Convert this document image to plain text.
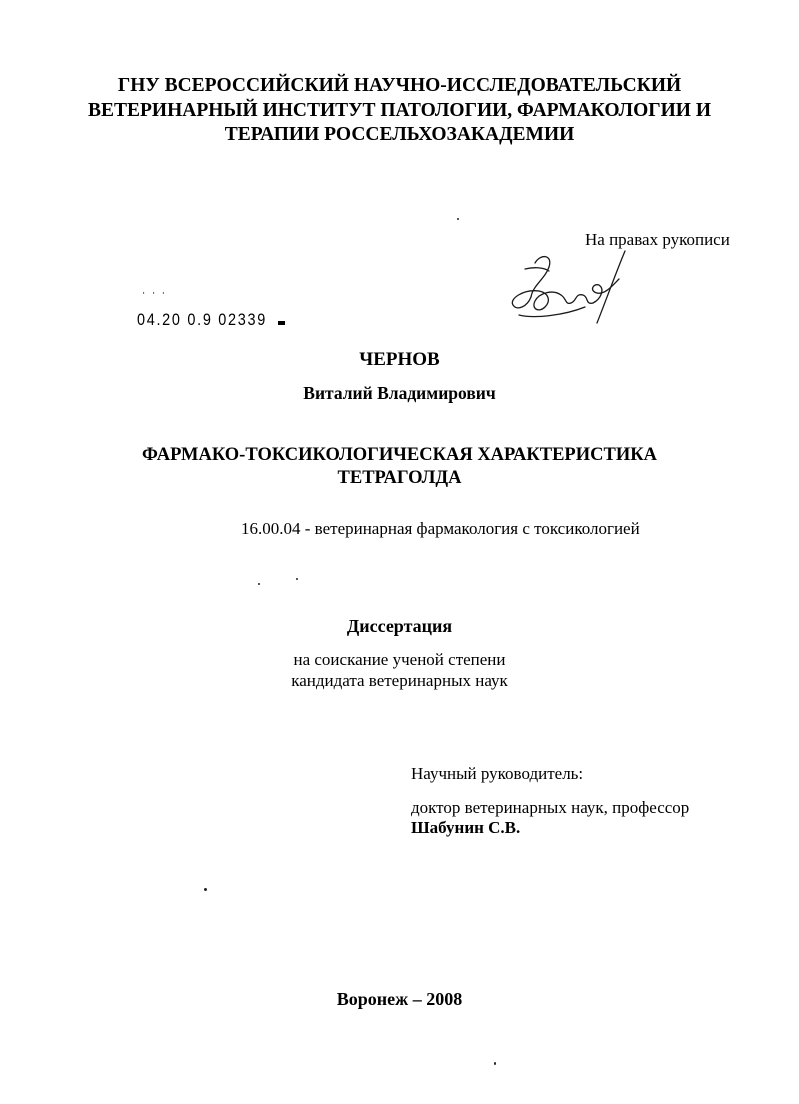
ГНУ ВСЕРОССИЙСКИЙ НАУЧНО-ИССЛЕДОВАТЕЛЬСКИЙ
ВЕТЕРИНАРНЫЙ ИНСТИТУТ ПАТОЛОГИИ, ФАРМАКОЛОГИИ И
ТЕРАПИИ РОССЕЛЬХОЗАКАДЕМИИ
На правах рукописи
˙ ˙ ˙
04.20 0.9 02339
ЧЕРНОВ
Виталий Владимирович
ФАРМАКО-ТОКСИКОЛОГИЧЕСКАЯ ХАРАКТЕРИСТИКА
ТЕТРАГОЛДА
16.00.04 - ветеринарная фармакология с токсикологией
Диссертация
на соискание ученой степени
кандидата ветеринарных наук
Научный руководитель:
доктор ветеринарных наук, профессор
Шабунин С.В.
Воронеж – 2008
